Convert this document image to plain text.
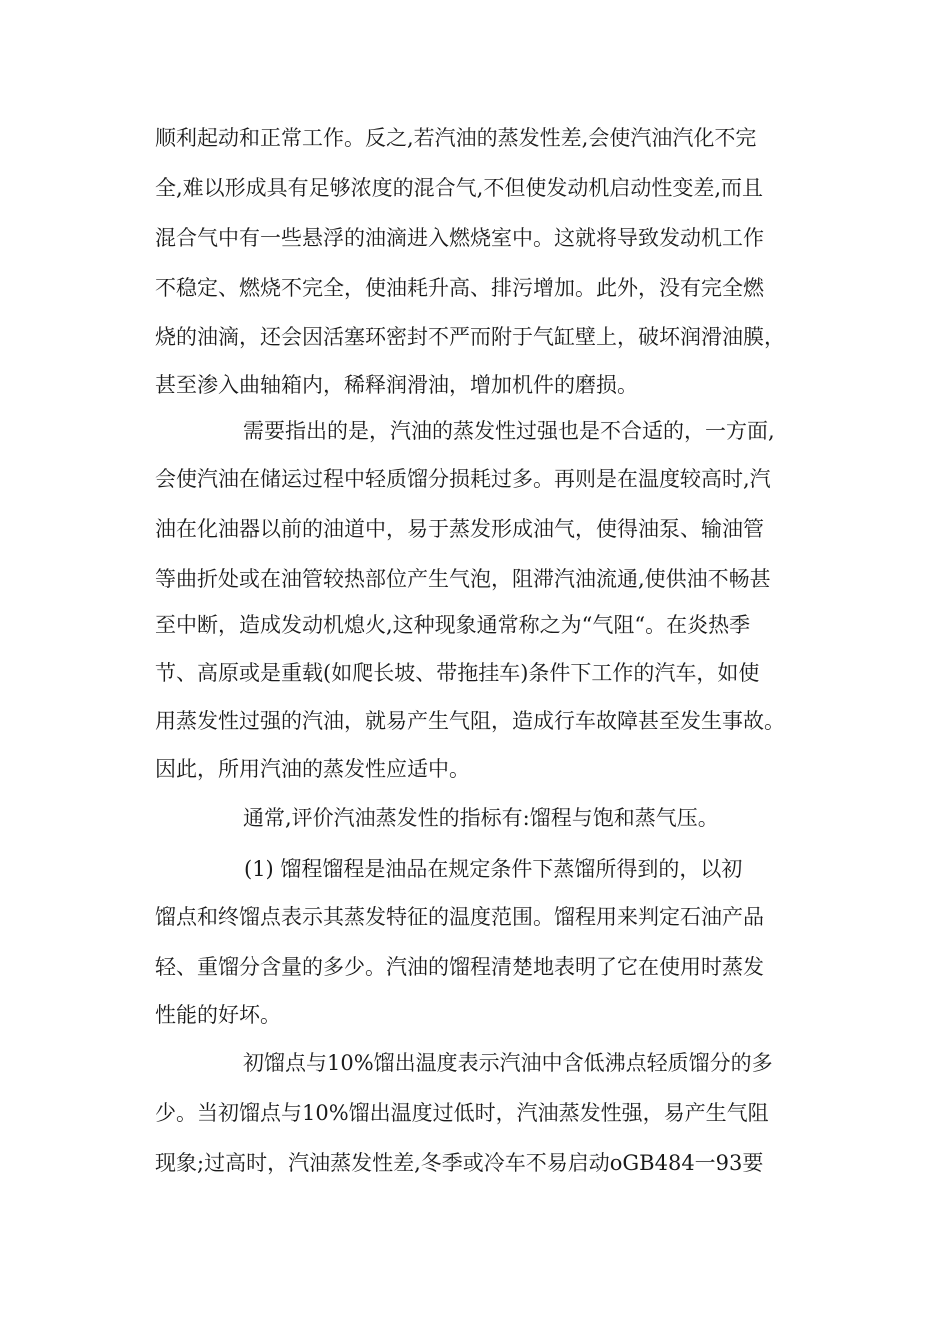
顺利起动和正常工作。反之,若汽油的蒸发性差,会使汽油汽化不完
全,难以形成具有足够浓度的混合气,不但使发动机启动性变差,而且
混合气中有一些悬浮的油滴进入燃烧室中。这就将导致发动机工作
不稳定、燃烧不完全，使油耗升高、排污增加。此外，没有完全燃
烧的油滴，还会因活塞环密封不严而附于气缸壁上，破坏润滑油膜，
甚至渗入曲轴箱内，稀释润滑油，增加机件的磨损。
需要指出的是，汽油的蒸发性过强也是不合适的，一方面,
会使汽油在储运过程中轻质馏分损耗过多。再则是在温度较高时,汽
油在化油器以前的油道中，易于蒸发形成油气，使得油泵、输油管
等曲折处或在油管较热部位产生气泡，阻滞汽油流通,使供油不畅甚
至中断，造成发动机熄火,这种现象通常称之为“气阻“。在炎热季
节、高原或是重载(如爬长坡、带拖挂车)条件下工作的汽车，如使
用蒸发性过强的汽油，就易产生气阻，造成行车故障甚至发生事故。
因此，所用汽油的蒸发性应适中。
通常,评价汽油蒸发性的指标有:馏程与饱和蒸气压。
(1) 馏程馏程是油品在规定条件下蒸馏所得到的，以初
馏点和终馏点表示其蒸发特征的温度范围。馏程用来判定石油产品
轻、重馏分含量的多少。汽油的馏程清楚地表明了它在使用时蒸发
性能的好坏。
初馏点与10%馏出温度表示汽油中含低沸点轻质馏分的多
少。当初馏点与10%馏出温度过低时，汽油蒸发性强，易产生气阻
现象;过高时，汽油蒸发性差,冬季或冷车不易启动oGB484一93要
